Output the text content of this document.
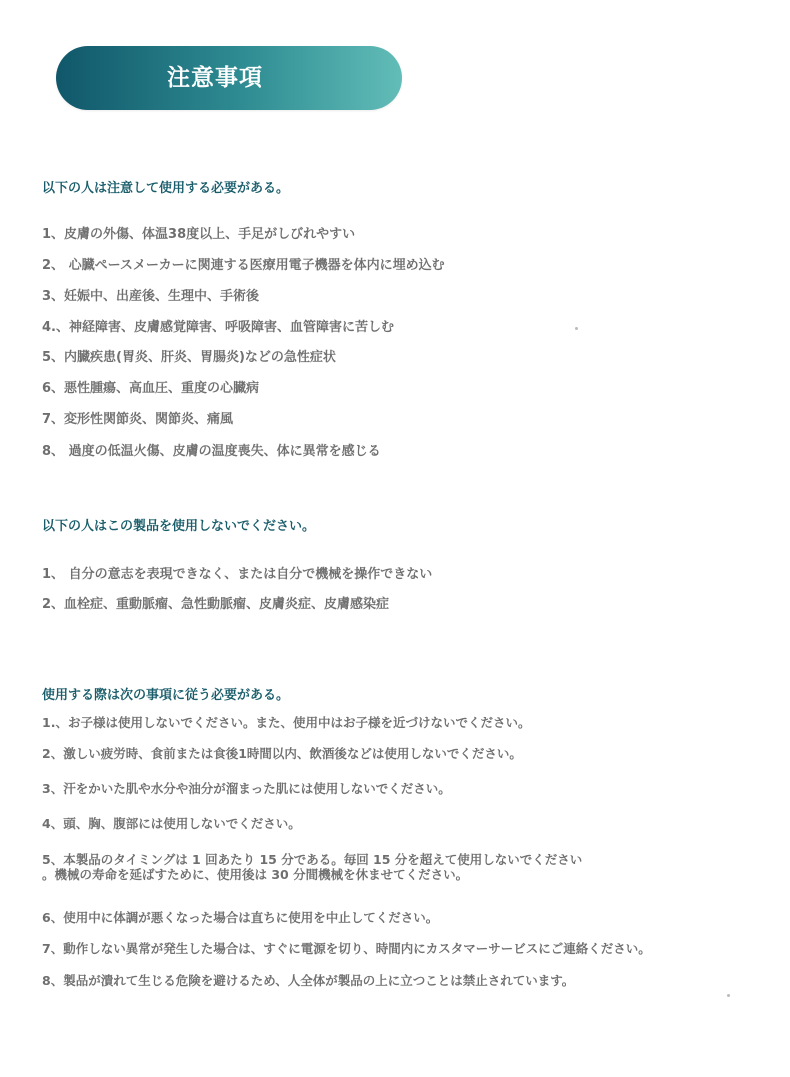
注意事項
以下の人は注意して使用する必要がある。
1、皮膚の外傷、体温38度以上、手足がしびれやすい
2、 心臓ペースメーカーに関連する医療用電子機器を体内に埋め込む
3、妊娠中、出産後、生理中、手術後
4.、神経障害、皮膚感覚障害、呼吸障害、血管障害に苦しむ
5、内臓疾患(胃炎、肝炎、胃腸炎)などの急性症状
6、悪性腫瘍、高血圧、重度の心臓病
7、変形性関節炎、関節炎、痛風
8、 過度の低温火傷、皮膚の温度喪失、体に異常を感じる
以下の人はこの製品を使用しないでください。
1、 自分の意志を表現できなく、または自分で機械を操作できない
2、血栓症、重動脈瘤、急性動脈瘤、皮膚炎症、皮膚感染症
使用する際は次の事項に従う必要がある。
1.、お子様は使用しないでください。また、使用中はお子様を近づけないでください。
2、激しい疲労時、食前または食後1時間以内、飲酒後などは使用しないでください。
3、汗をかいた肌や水分や油分が溜まった肌には使用しないでください。
4、頭、胸、腹部には使用しないでください。
5、本製品のタイミングは 1 回あたり 15 分である。毎回 15 分を超えて使用しないでください
。機械の寿命を延ばすために、使用後は 30 分間機械を休ませてください。
6、使用中に体調が悪くなった場合は直ちに使用を中止してください。
7、動作しない異常が発生した場合は、すぐに電源を切り、時間内にカスタマーサービスにご連絡ください。
8、製品が潰れて生じる危険を避けるため、人全体が製品の上に立つことは禁止されています。
